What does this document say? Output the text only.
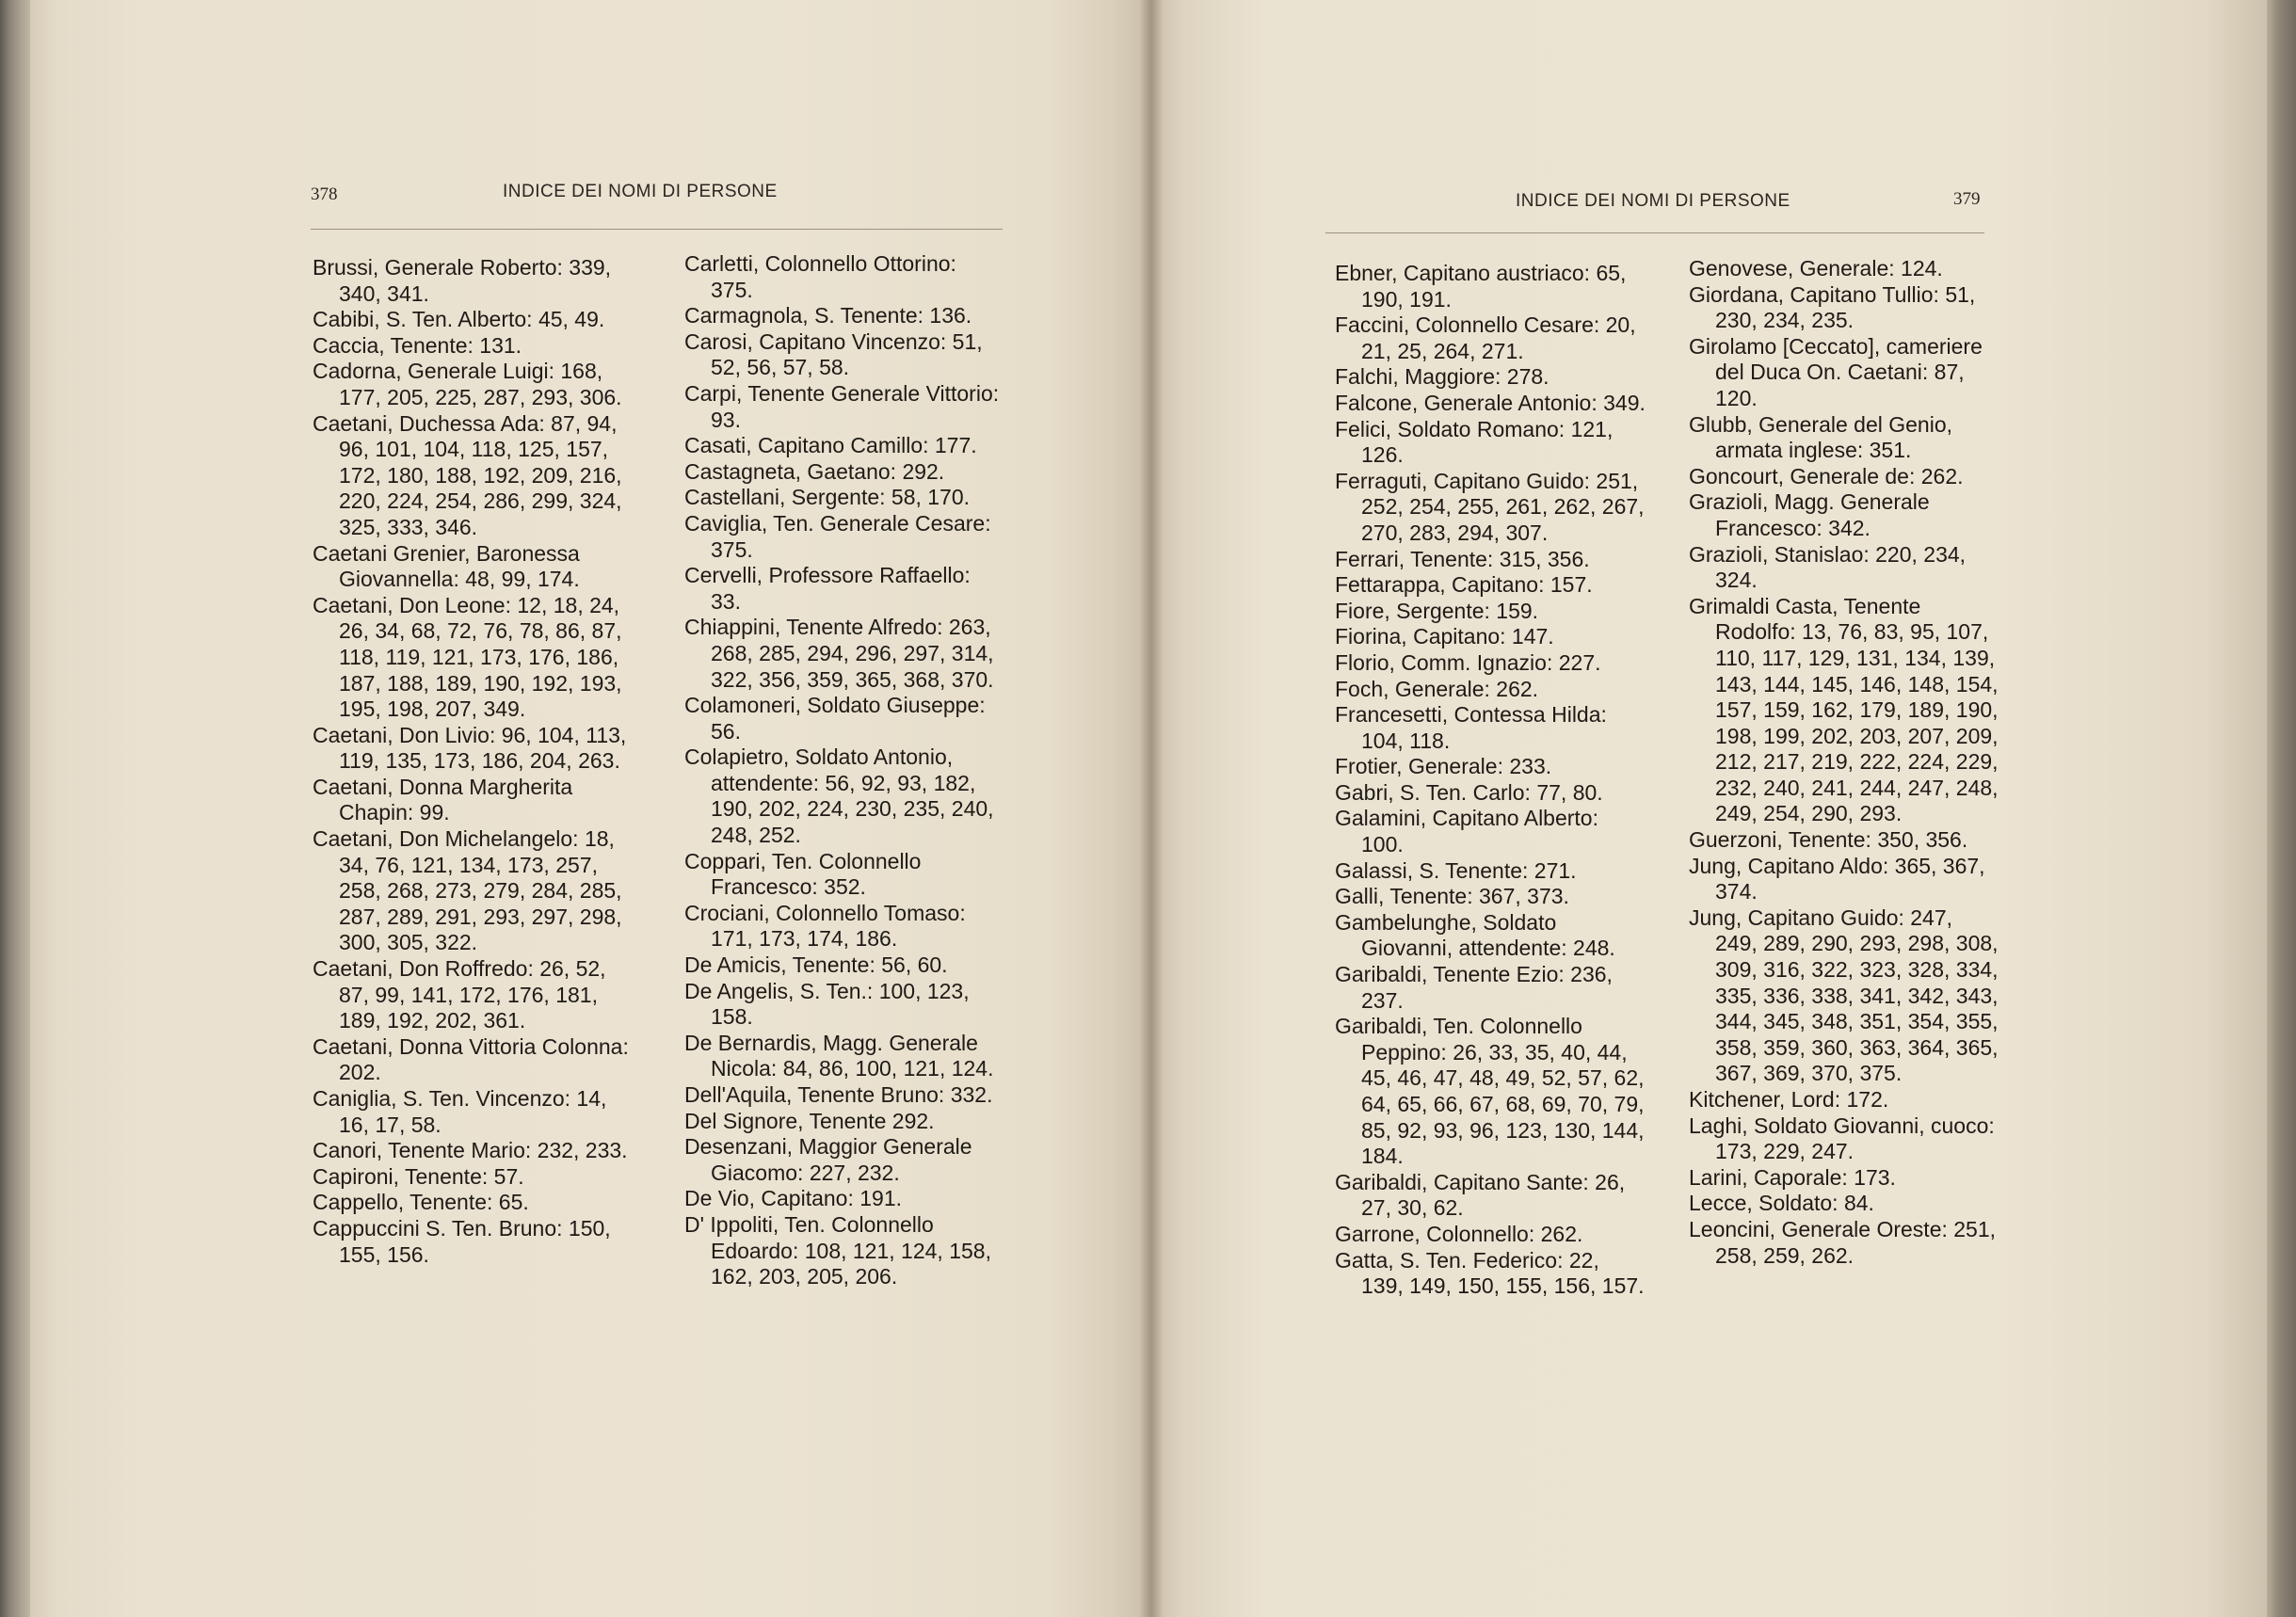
378	INDICE DEI NOMI DI PERSONE

Brussi, Generale Roberto: 339, 340, 341.

Cabibi, S. Ten. Alberto: 45, 49.

Caccia, Tenente: 131.

Cadorna, Generale Luigi: 168, 177, 205, 225, 287, 293, 306.

Caetani, Duchessa Ada: 87, 94, 96, 101, 104, 118, 125, 157, 172, 180, 188, 192, 209, 216, 220, 224, 254, 286, 299, 324, 325, 333, 346.

Caetani Grenier, Baronessa Giovannella: 48, 99, 174.

Caetani, Don Leone: 12, 18, 24, 26, 34, 68, 72, 76, 78, 86, 87, 118, 119, 121, 173, 176, 186, 187, 188, 189, 190, 192, 193, 195, 198, 207, 349.

Caetani, Don Livio: 96, 104, 113, 119, 135, 173, 186, 204, 263.

Caetani, Donna Margherita Chapin: 99.

Caetani, Don Michelangelo: 18, 34, 76, 121, 134, 173, 257, 258, 268, 273, 279, 284, 285, 287, 289, 291, 293, 297, 298, 300, 305, 322.

Caetani, Don Roffredo: 26, 52, 87, 99, 141, 172, 176, 181, 189, 192, 202, 361.

Caetani, Donna Vittoria Colonna: 202.

Caniglia, S. Ten. Vincenzo: 14, 16, 17, 58.

Canori, Tenente Mario: 232, 233.

Capironi, Tenente: 57.

Cappello, Tenente: 65.

Cappuccini S. Ten. Bruno: 150, 155, 156.

Carletti, Colonnello Ottorino: 375.

Carmagnola, S. Tenente: 136.

Carosi, Capitano Vincenzo: 51, 52, 56, 57, 58.

Carpi, Tenente Generale Vittorio: 93.

Casati, Capitano Camillo: 177.

Castagneta, Gaetano: 292.

Castellani, Sergente: 58, 170.

Caviglia, Ten. Generale Cesare: 375.

Cervelli, Professore Raffaello: 33.

Chiappini, Tenente Alfredo: 263, 268, 285, 294, 296, 297, 314, 322, 356, 359, 365, 368, 370.

Colamoneri, Soldato Giuseppe: 56.

Colapietro, Soldato Antonio, attendente: 56, 92, 93, 182, 190, 202, 224, 230, 235, 240, 248, 252.

Coppari, Ten. Colonnello Francesco: 352.

Crociani, Colonnello Tomaso: 171, 173, 174, 186.

De Amicis, Tenente: 56, 60.

De Angelis, S. Ten.: 100, 123, 158.

De Bernardis, Magg. Generale Nicola: 84, 86, 100, 121, 124.

Dell'Aquila, Tenente Bruno: 332.

Del Signore, Tenente 292.

Desenzani, Maggior Generale Giacomo: 227, 232.

De Vio, Capitano: 191.

D' Ippoliti, Ten. Colonnello Edoardo: 108, 121, 124, 158, 162, 203, 205, 206.

INDICE DEI NOMI DI PERSONE	379

Ebner, Capitano austriaco: 65, 190, 191.

Faccini, Colonnello Cesare: 20, 21, 25, 264, 271.

Falchi, Maggiore: 278.

Falcone, Generale Antonio: 349.

Felici, Soldato Romano: 121, 126.

Ferraguti, Capitano Guido: 251, 252, 254, 255, 261, 262, 267, 270, 283, 294, 307.

Ferrari, Tenente: 315, 356.

Fettarappa, Capitano: 157.

Fiore, Sergente: 159.

Fiorina, Capitano: 147.

Florio, Comm. Ignazio: 227.

Foch, Generale: 262.

Francesetti, Contessa Hilda: 104, 118.

Frotier, Generale: 233.

Gabri, S. Ten. Carlo: 77, 80.

Galamini, Capitano Alberto: 100.

Galassi, S. Tenente: 271.

Galli, Tenente: 367, 373.

Gambelunghe, Soldato Giovanni, attendente: 248.

Garibaldi, Tenente Ezio: 236, 237.

Garibaldi, Ten. Colonnello Peppino: 26, 33, 35, 40, 44, 45, 46, 47, 48, 49, 52, 57, 62, 64, 65, 66, 67, 68, 69, 70, 79, 85, 92, 93, 96, 123, 130, 144, 184.

Garibaldi, Capitano Sante: 26, 27, 30, 62.

Garrone, Colonnello: 262.

Gatta, S. Ten. Federico: 22, 139, 149, 150, 155, 156, 157.

Genovese, Generale: 124.

Giordana, Capitano Tullio: 51, 230, 234, 235.

Girolamo [Ceccato], cameriere del Duca On. Caetani: 87, 120.

Glubb, Generale del Genio, armata inglese: 351.

Goncourt, Generale de: 262.

Grazioli, Magg. Generale Francesco: 342.

Grazioli, Stanislao: 220, 234, 324.

Grimaldi Casta, Tenente Rodolfo: 13, 76, 83, 95, 107, 110, 117, 129, 131, 134, 139, 143, 144, 145, 146, 148, 154, 157, 159, 162, 179, 189, 190, 198, 199, 202, 203, 207, 209, 212, 217, 219, 222, 224, 229, 232, 240, 241, 244, 247, 248, 249, 254, 290, 293.

Guerzoni, Tenente: 350, 356.

Jung, Capitano Aldo: 365, 367, 374.

Jung, Capitano Guido: 247, 249, 289, 290, 293, 298, 308, 309, 316, 322, 323, 328, 334, 335, 336, 338, 341, 342, 343, 344, 345, 348, 351, 354, 355, 358, 359, 360, 363, 364, 365, 367, 369, 370, 375.

Kitchener, Lord: 172.

Laghi, Soldato Giovanni, cuoco: 173, 229, 247.

Larini, Caporale: 173.

Lecce, Soldato: 84.

Leoncini, Generale Oreste: 251, 258, 259, 262.
